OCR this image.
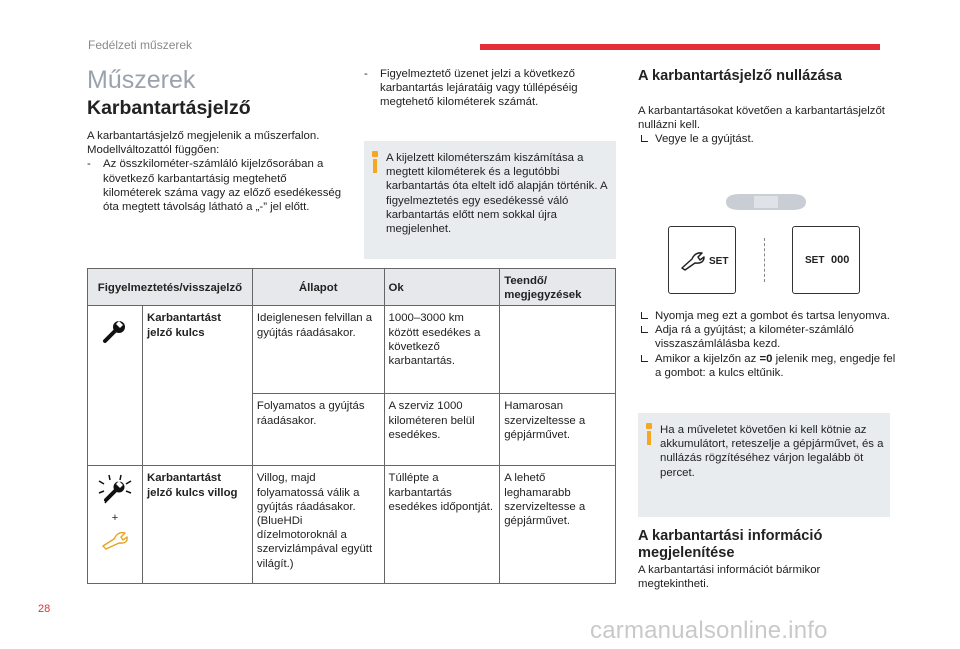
Fedélzeti műszerek
Műszerek
Karbantartásjelző
A karbantartásjelző megjelenik a műszerfalon. Modellváltozattól függően:
- Az összkilométer-számláló kijelzősorában a következő karbantartásig megtehető kilométerek száma vagy az előző esedékesség óta megtett távolság látható a „-” jel előtt.
- Figyelmeztető üzenet jelzi a következő karbantartás lejáratáig vagy túllépéséig megtehető kilométerek számát.
A kijelzett kilométerszám kiszámítása a megtett kilométerek és a legutóbbi karbantartás óta eltelt idő alapján történik. A figyelmeztetés egy esedékessé váló karbantartás előtt nem sokkal újra megjelenhet.
Figyelmeztetés/visszajelző		Állapot	Ok	Teendő/ megjegyzések
	Karbantartást jelző kulcs	Ideiglenesen felvillan a gyújtás ráadásakor.	1000–3000 km között esedékes a következő karbantartás.	
		Folyamatos a gyújtás ráadásakor.	A szerviz 1000 kilométeren belül esedékes.	Hamarosan szervizeltesse a gépjárművet.

+	Karbantartást jelző kulcs villog	Villog, majd folyamatossá válik a gyújtás ráadásakor. (BlueHDi dízelmotoroknál a szervizlámpával együtt világít.)	Túllépte a karbantartás esedékes időpontját.	A lehető leghamarabb szervizeltesse a gépjárművet.
A karbantartásjelző nullázása
A karbantartásokat követően a karbantartásjelzőt nullázni kell.
Vegye le a gyújtást.
SET	SET 000
Nyomja meg ezt a gombot és tartsa lenyomva.
Adja rá a gyújtást; a kilométer-számláló visszaszámlálásba kezd.
Amikor a kijelzőn az =0 jelenik meg, engedje fel a gombot: a kulcs eltűnik.
Ha a műveletet követően ki kell kötnie az akkumulátort, reteszelje a gépjárművet, és a nullázás rögzítéséhez várjon legalább öt percet.
A karbantartási információ megjelenítése
A karbantartási információt bármikor megtekintheti.
28
carmanualsonline.info
